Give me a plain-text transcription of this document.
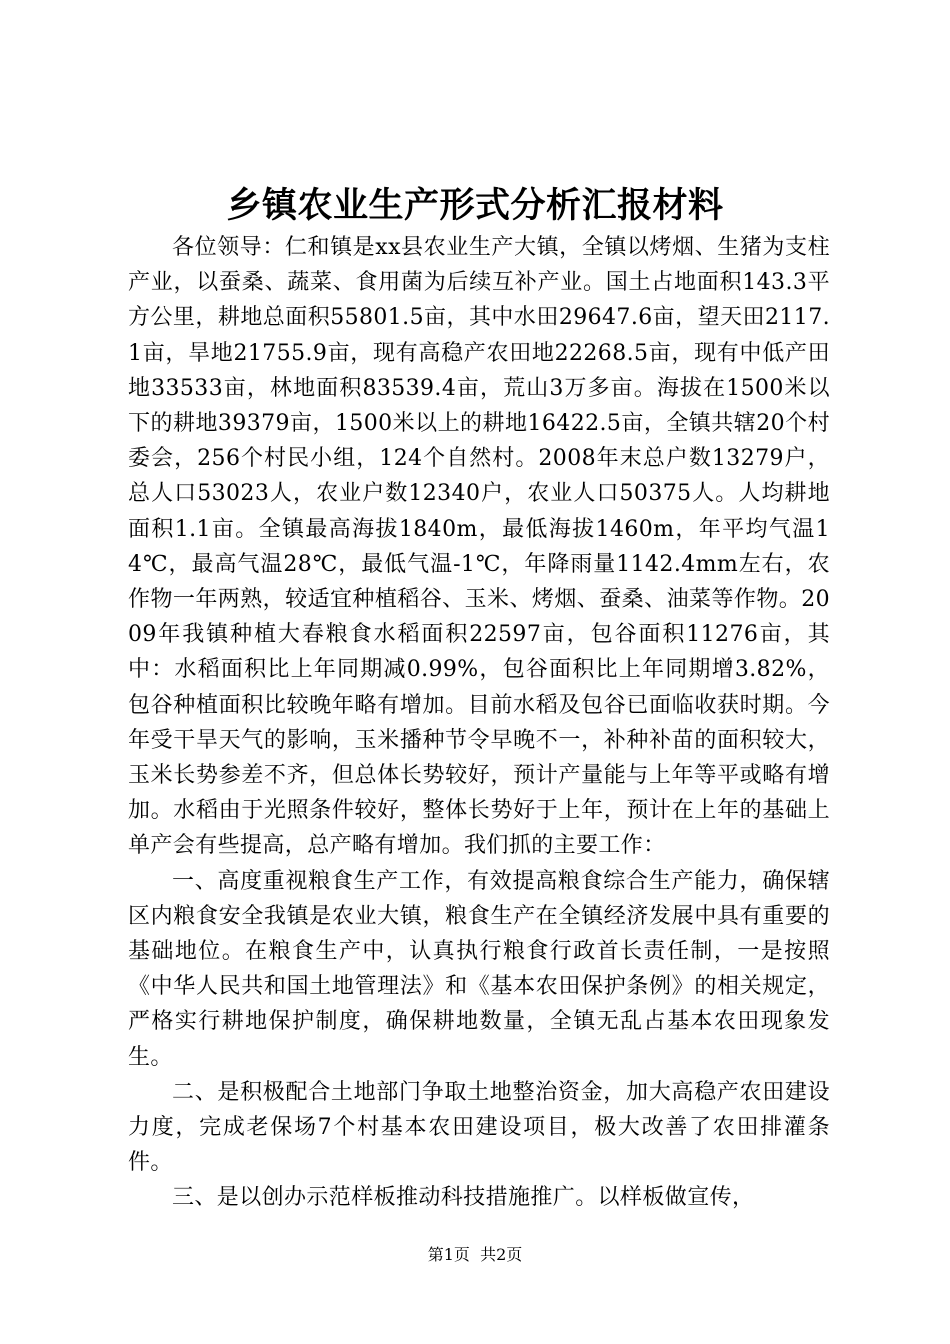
乡镇农业生产形式分析汇报材料

各位领导：仁和镇是xx县农业生产大镇，全镇以烤烟、生猪为支柱产业，以蚕桑、蔬菜、食用菌为后续互补产业。国土占地面积143.3平方公里，耕地总面积55801.5亩，其中水田29647.6亩，望天田2117.1亩，旱地21755.9亩，现有高稳产农田地22268.5亩，现有中低产田地33533亩，林地面积83539.4亩，荒山3万多亩。海拔在1500米以下的耕地39379亩，1500米以上的耕地16422.5亩，全镇共辖20个村委会，256个村民小组，124个自然村。2008年末总户数13279户，总人口53023人，农业户数12340户，农业人口50375人。人均耕地面积1.1亩。全镇最高海拔1840m，最低海拔1460m，年平均气温14℃，最高气温28℃，最低气温-1℃，年降雨量1142.4mm左右，农作物一年两熟，较适宜种植稻谷、玉米、烤烟、蚕桑、油菜等作物。2009年我镇种植大春粮食水稻面积22597亩，包谷面积11276亩，其中：水稻面积比上年同期减0.99%，包谷面积比上年同期增3.82%，包谷种植面积比较晚年略有增加。目前水稻及包谷已面临收获时期。今年受干旱天气的影响，玉米播种节令早晚不一，补种补苗的面积较大，玉米长势参差不齐，但总体长势较好，预计产量能与上年等平或略有增加。水稻由于光照条件较好，整体长势好于上年，预计在上年的基础上单产会有些提高，总产略有增加。我们抓的主要工作：

一、高度重视粮食生产工作，有效提高粮食综合生产能力，确保辖区内粮食安全我镇是农业大镇，粮食生产在全镇经济发展中具有重要的基础地位。在粮食生产中，认真执行粮食行政首长责任制，一是按照《中华人民共和国土地管理法》和《基本农田保护条例》的相关规定，严格实行耕地保护制度，确保耕地数量，全镇无乱占基本农田现象发生。

二、是积极配合土地部门争取土地整治资金，加大高稳产农田建设力度，完成老保场7个村基本农田建设项目，极大改善了农田排灌条件。

三、是以创办示范样板推动科技措施推广。以样板做宣传，

第1页  共2页
